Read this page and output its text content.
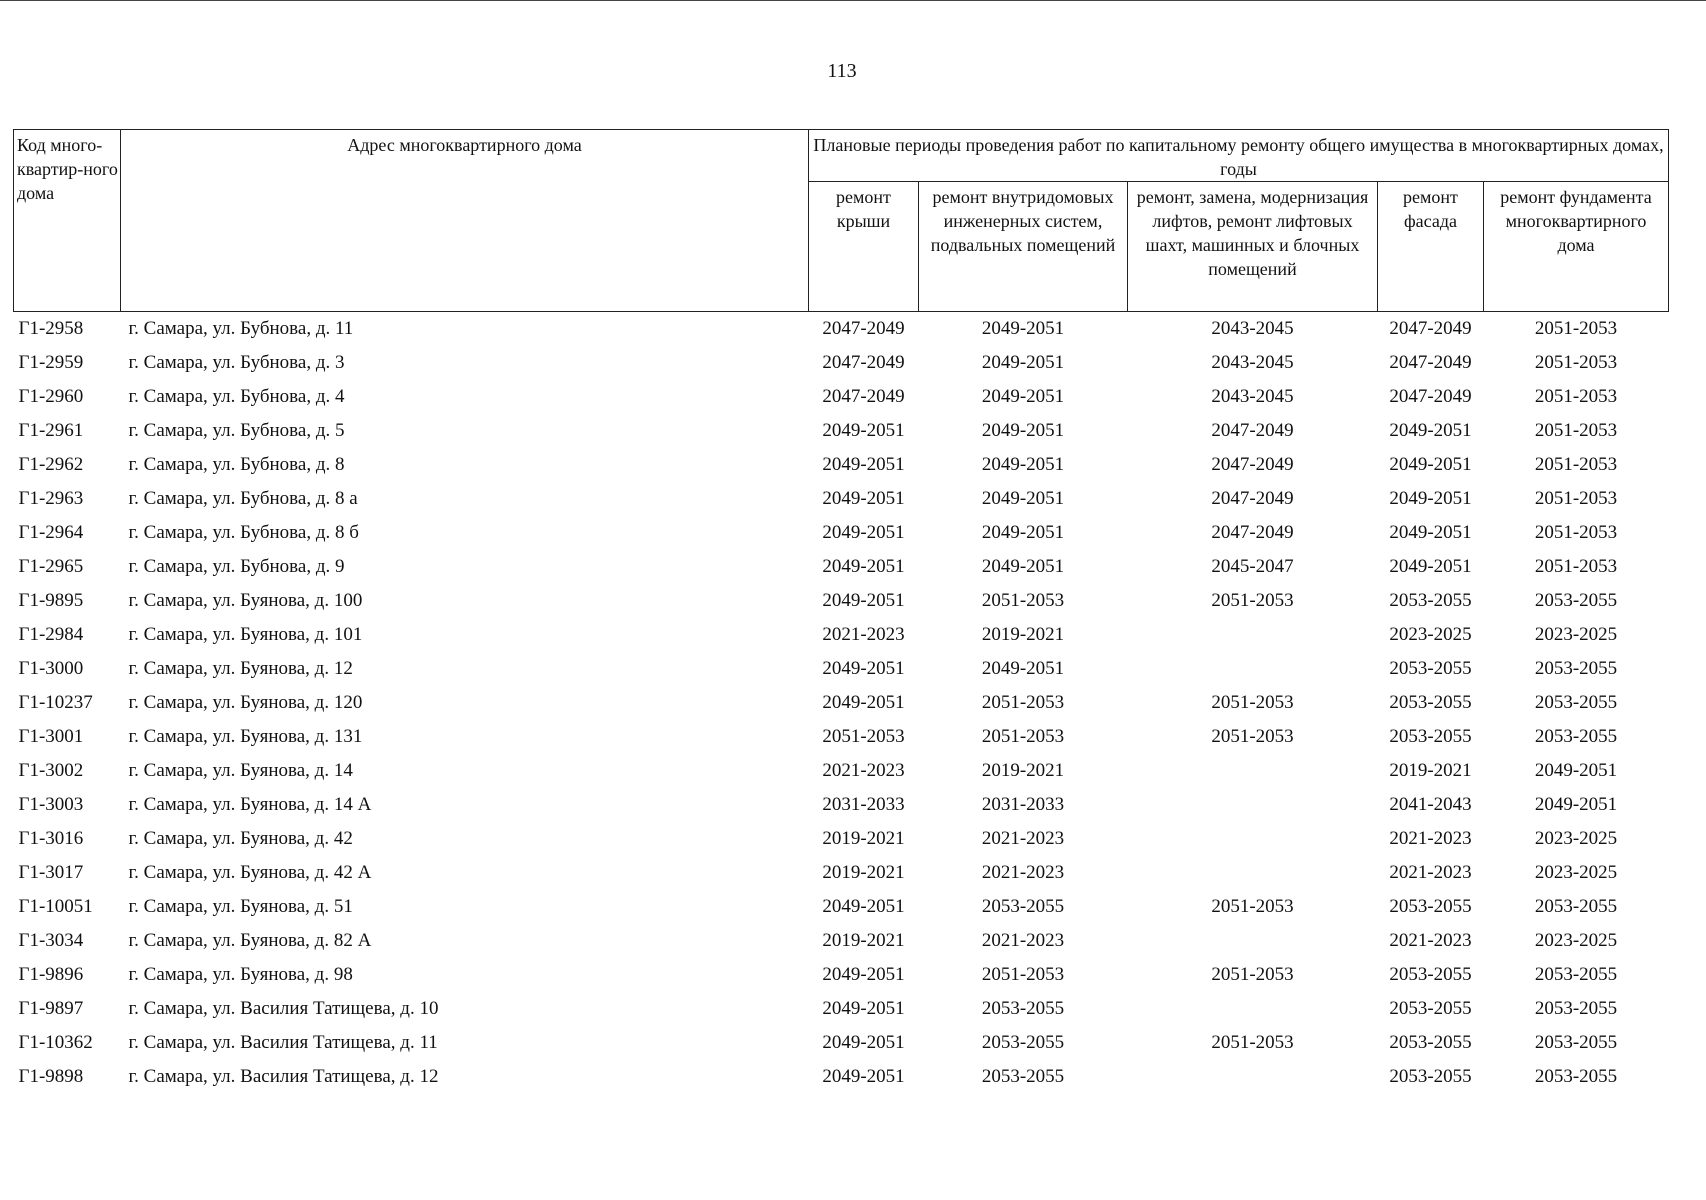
113
Код много-квартир-ного дома	Адрес многоквартирного дома	Плановые периоды проведения работ по капитальному ремонту общего имущества в многоквартирных домах, годы				
		ремонт крыши	ремонт внутридомовых инженерных систем, подвальных помещений	ремонт, замена, модернизация лифтов, ремонт лифтовых шахт, машинных и блочных помещений	ремонт фасада	ремонт фундамента многоквартирного дома
Г1-2958	г. Самара, ул. Бубнова, д. 11	2047-2049	2049-2051	2043-2045	2047-2049	2051-2053
Г1-2959	г. Самара, ул. Бубнова, д. 3	2047-2049	2049-2051	2043-2045	2047-2049	2051-2053
Г1-2960	г. Самара, ул. Бубнова, д. 4	2047-2049	2049-2051	2043-2045	2047-2049	2051-2053
Г1-2961	г. Самара, ул. Бубнова, д. 5	2049-2051	2049-2051	2047-2049	2049-2051	2051-2053
Г1-2962	г. Самара, ул. Бубнова, д. 8	2049-2051	2049-2051	2047-2049	2049-2051	2051-2053
Г1-2963	г. Самара, ул. Бубнова, д. 8 а	2049-2051	2049-2051	2047-2049	2049-2051	2051-2053
Г1-2964	г. Самара, ул. Бубнова, д. 8 б	2049-2051	2049-2051	2047-2049	2049-2051	2051-2053
Г1-2965	г. Самара, ул. Бубнова, д. 9	2049-2051	2049-2051	2045-2047	2049-2051	2051-2053
Г1-9895	г. Самара, ул. Буянова, д. 100	2049-2051	2051-2053	2051-2053	2053-2055	2053-2055
Г1-2984	г. Самара, ул. Буянова, д. 101	2021-2023	2019-2021		2023-2025	2023-2025
Г1-3000	г. Самара, ул. Буянова, д. 12	2049-2051	2049-2051		2053-2055	2053-2055
Г1-10237	г. Самара, ул. Буянова, д. 120	2049-2051	2051-2053	2051-2053	2053-2055	2053-2055
Г1-3001	г. Самара, ул. Буянова, д. 131	2051-2053	2051-2053	2051-2053	2053-2055	2053-2055
Г1-3002	г. Самара, ул. Буянова, д. 14	2021-2023	2019-2021		2019-2021	2049-2051
Г1-3003	г. Самара, ул. Буянова, д. 14 А	2031-2033	2031-2033		2041-2043	2049-2051
Г1-3016	г. Самара, ул. Буянова, д. 42	2019-2021	2021-2023		2021-2023	2023-2025
Г1-3017	г. Самара, ул. Буянова, д. 42 А	2019-2021	2021-2023		2021-2023	2023-2025
Г1-10051	г. Самара, ул. Буянова, д. 51	2049-2051	2053-2055	2051-2053	2053-2055	2053-2055
Г1-3034	г. Самара, ул. Буянова, д. 82 А	2019-2021	2021-2023		2021-2023	2023-2025
Г1-9896	г. Самара, ул. Буянова, д. 98	2049-2051	2051-2053	2051-2053	2053-2055	2053-2055
Г1-9897	г. Самара, ул. Василия Татищева, д. 10	2049-2051	2053-2055		2053-2055	2053-2055
Г1-10362	г. Самара, ул. Василия Татищева, д. 11	2049-2051	2053-2055	2051-2053	2053-2055	2053-2055
Г1-9898	г. Самара, ул. Василия Татищева, д. 12	2049-2051	2053-2055		2053-2055	2053-2055
